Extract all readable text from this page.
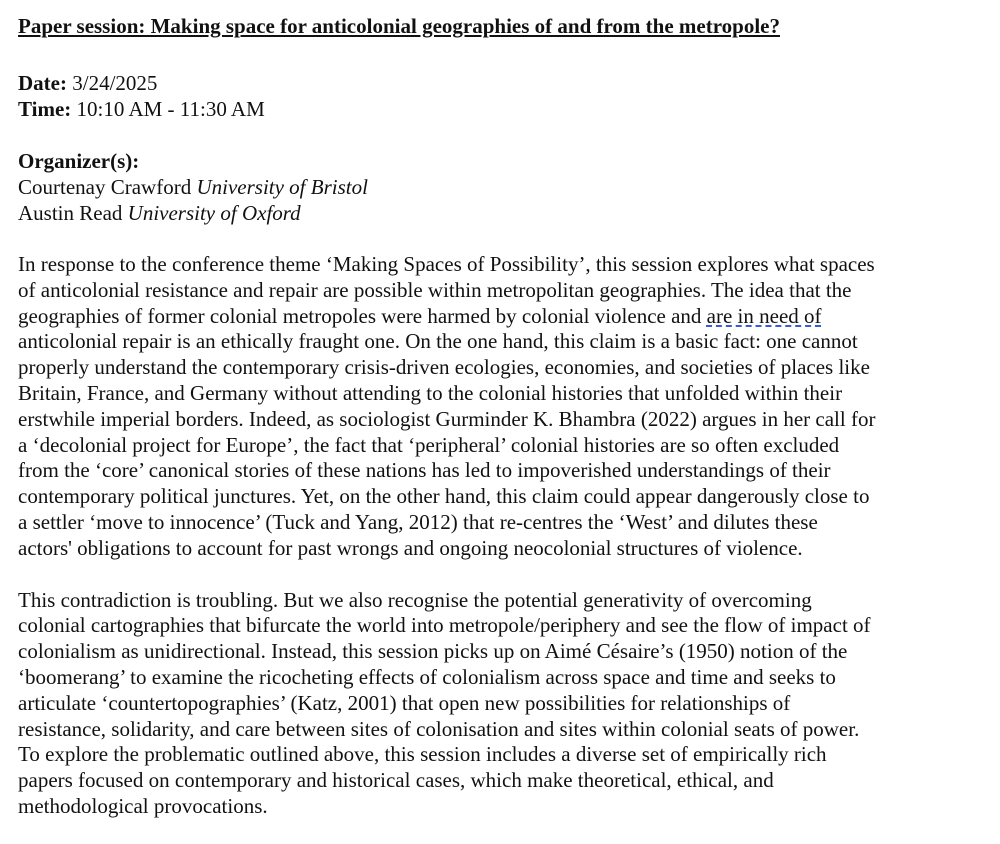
Paper session: Making space for anticolonial geographies of and from the metropole?
Date: 3/24/2025
Time: 10:10 AM - 11:30 AM
Organizer(s):
Courtenay Crawford University of Bristol
Austin Read University of Oxford
In response to the conference theme ‘Making Spaces of Possibility’, this session explores what spaces
of anticolonial resistance and repair are possible within metropolitan geographies. The idea that the
geographies of former colonial metropoles were harmed by colonial violence and are in need of
anticolonial repair is an ethically fraught one. On the one hand, this claim is a basic fact: one cannot
properly understand the contemporary crisis-driven ecologies, economies, and societies of places like
Britain, France, and Germany without attending to the colonial histories that unfolded within their
erstwhile imperial borders. Indeed, as sociologist Gurminder K. Bhambra (2022) argues in her call for
a ‘decolonial project for Europe’, the fact that ‘peripheral’ colonial histories are so often excluded
from the ‘core’ canonical stories of these nations has led to impoverished understandings of their
contemporary political junctures. Yet, on the other hand, this claim could appear dangerously close to
a settler ‘move to innocence’ (Tuck and Yang, 2012) that re-centres the ‘West’ and dilutes these
actors' obligations to account for past wrongs and ongoing neocolonial structures of violence.
This contradiction is troubling. But we also recognise the potential generativity of overcoming
colonial cartographies that bifurcate the world into metropole/periphery and see the flow of impact of
colonialism as unidirectional. Instead, this session picks up on Aimé Césaire’s (1950) notion of the
‘boomerang’ to examine the ricocheting effects of colonialism across space and time and seeks to
articulate ‘countertopographies’ (Katz, 2001) that open new possibilities for relationships of
resistance, solidarity, and care between sites of colonisation and sites within colonial seats of power.
To explore the problematic outlined above, this session includes a diverse set of empirically rich
papers focused on contemporary and historical cases, which make theoretical, ethical, and
methodological provocations.
